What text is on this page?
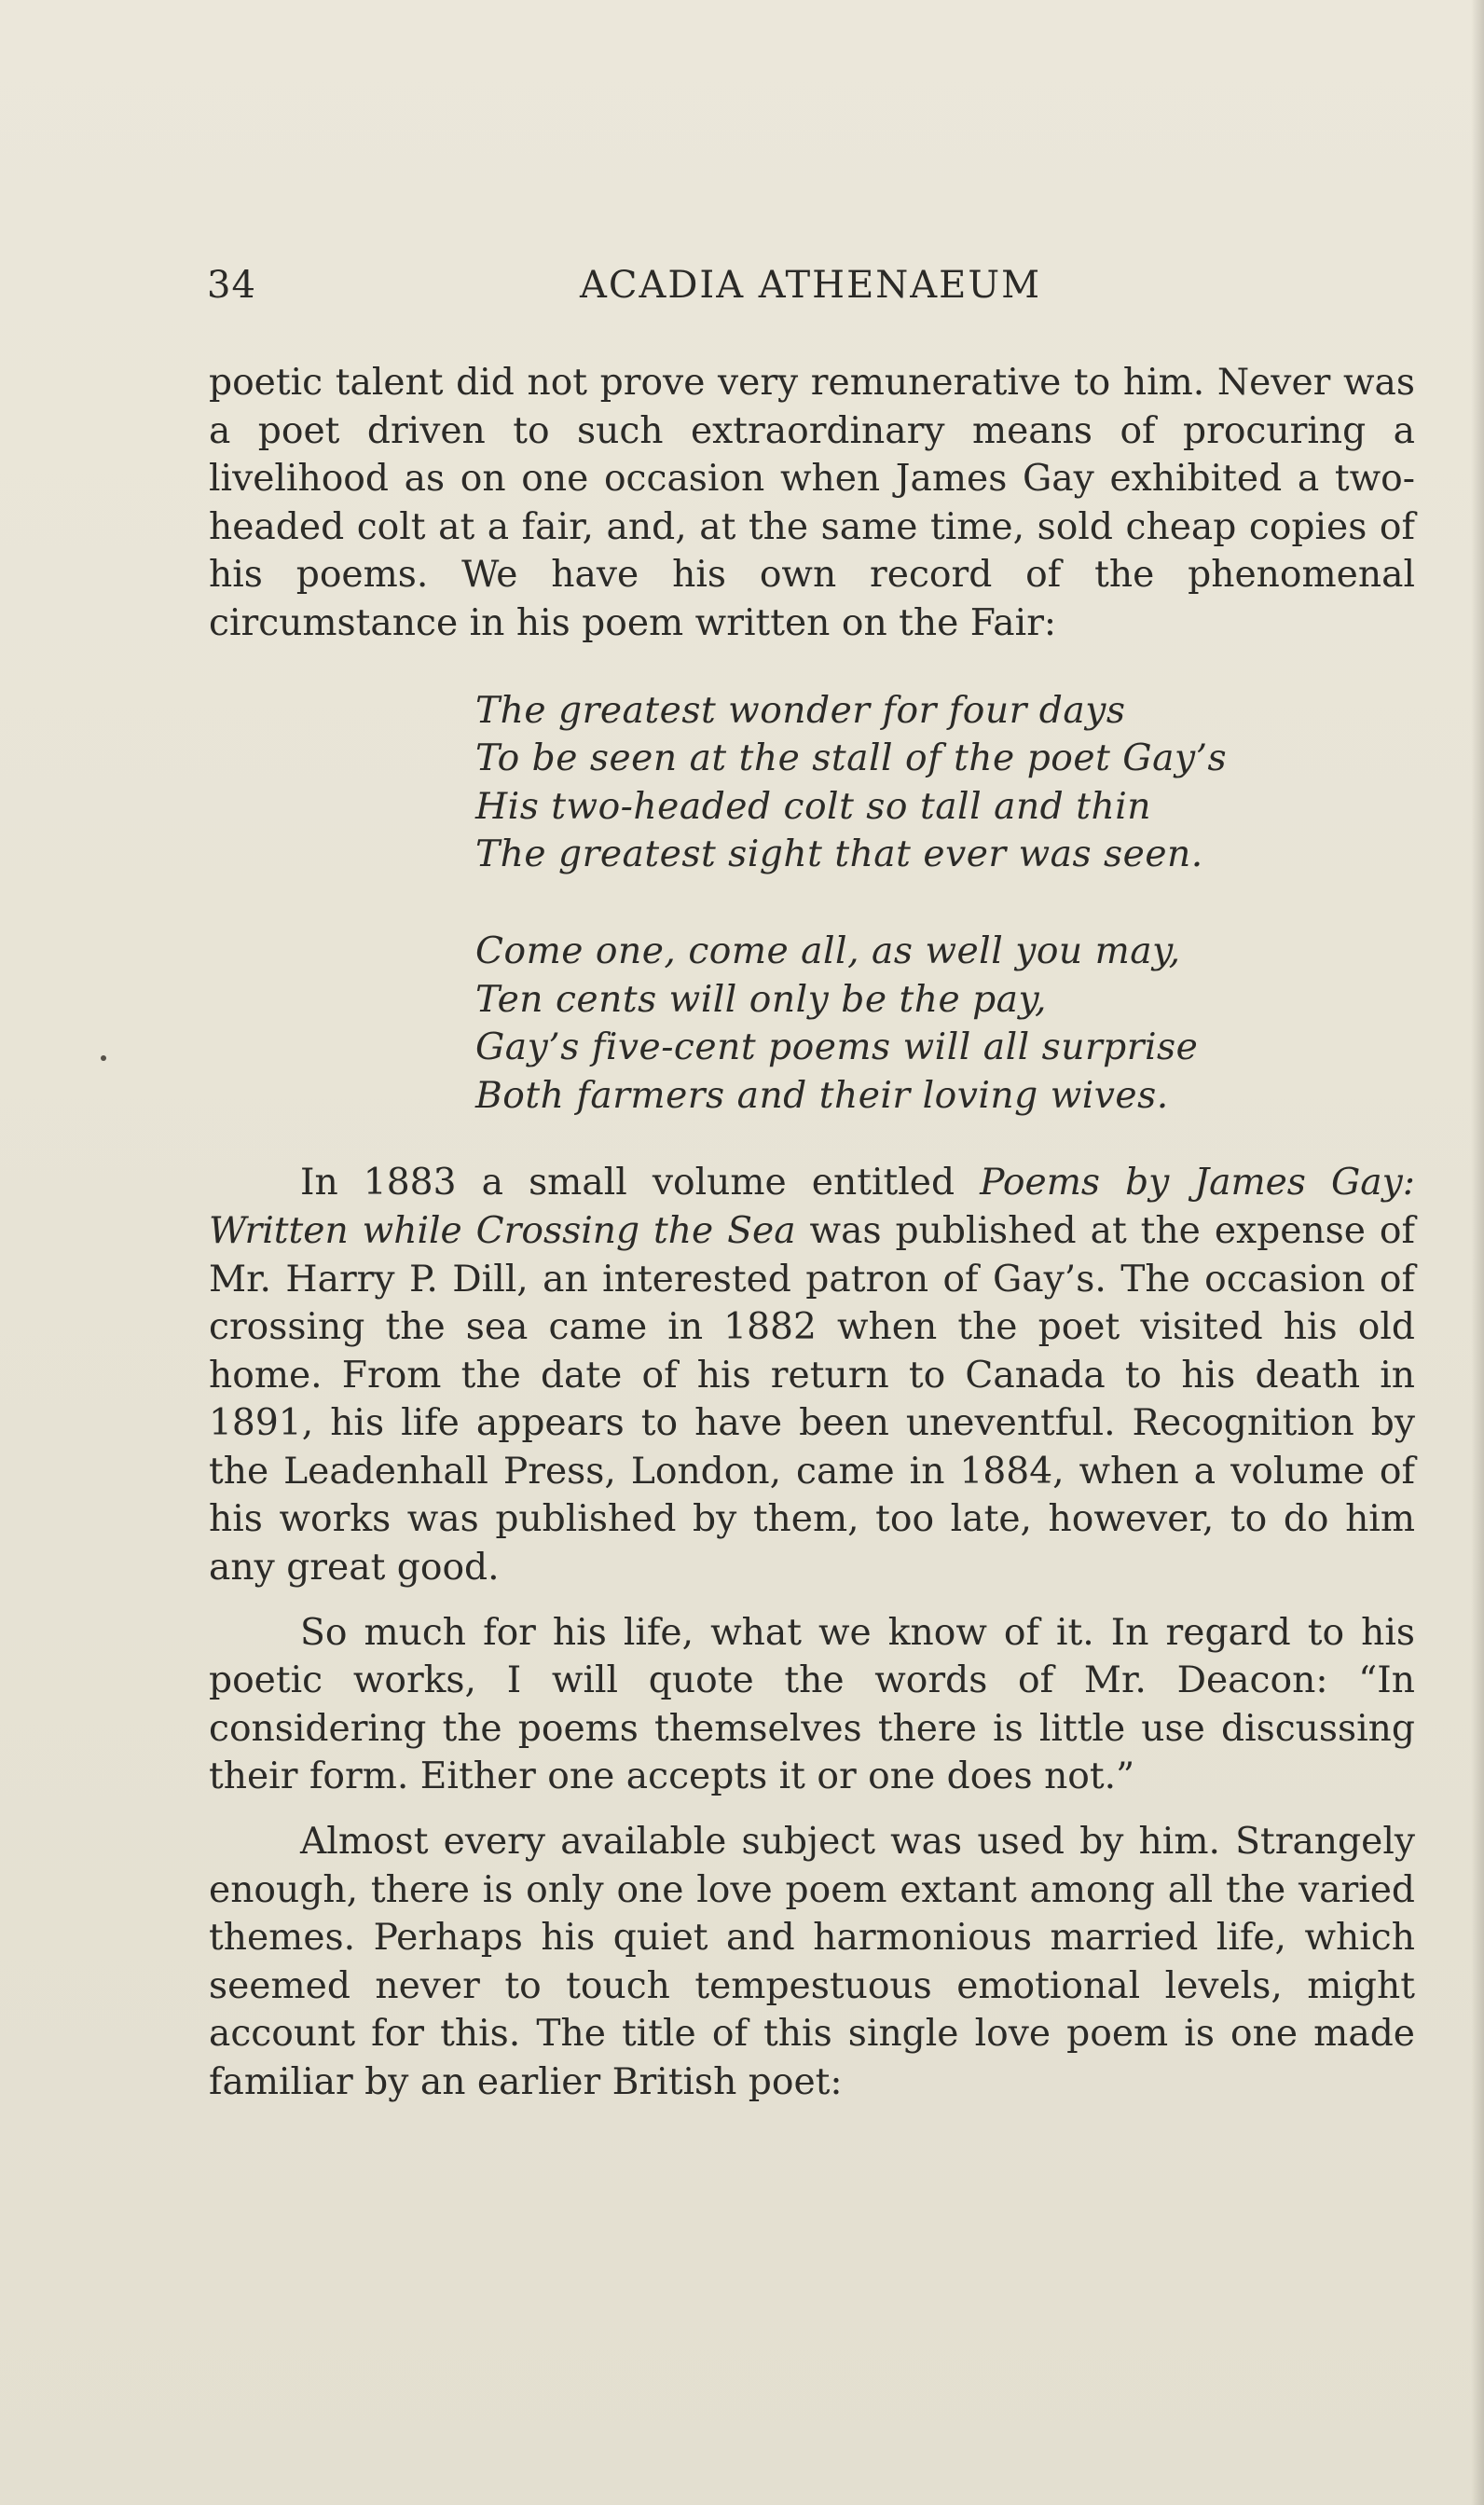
34	ACADIA ATHENAEUM

poetic talent did not prove very remunerative to him. Never was a poet driven to such extraordinary means of procuring a livelihood as on one occasion when James Gay exhibited a two-headed colt at a fair, and, at the same time, sold cheap copies of his poems. We have his own record of the phenomenal circumstance in his poem written on the Fair:

The greatest wonder for four days
To be seen at the stall of the poet Gay’s
His two-headed colt so tall and thin
The greatest sight that ever was seen.
Come one, come all, as well you may,
Ten cents will only be the pay,
Gay’s five-cent poems will all surprise
Both farmers and their loving wives.

In 1883 a small volume entitled Poems by James Gay: Written while Crossing the Sea was published at the expense of Mr. Harry P. Dill, an interested patron of Gay’s. The occasion of crossing the sea came in 1882 when the poet visited his old home. From the date of his return to Canada to his death in 1891, his life appears to have been uneventful. Recognition by the Leadenhall Press, London, came in 1884, when a volume of his works was published by them, too late, however, to do him any great good.

So much for his life, what we know of it. In regard to his poetic works, I will quote the words of Mr. Deacon: “In considering the poems themselves there is little use discussing their form. Either one accepts it or one does not.”

Almost every available subject was used by him. Strangely enough, there is only one love poem extant among all the varied themes. Perhaps his quiet and harmonious married life, which seemed never to touch tempestuous emotional levels, might account for this. The title of this single love poem is one made familiar by an earlier British poet:
